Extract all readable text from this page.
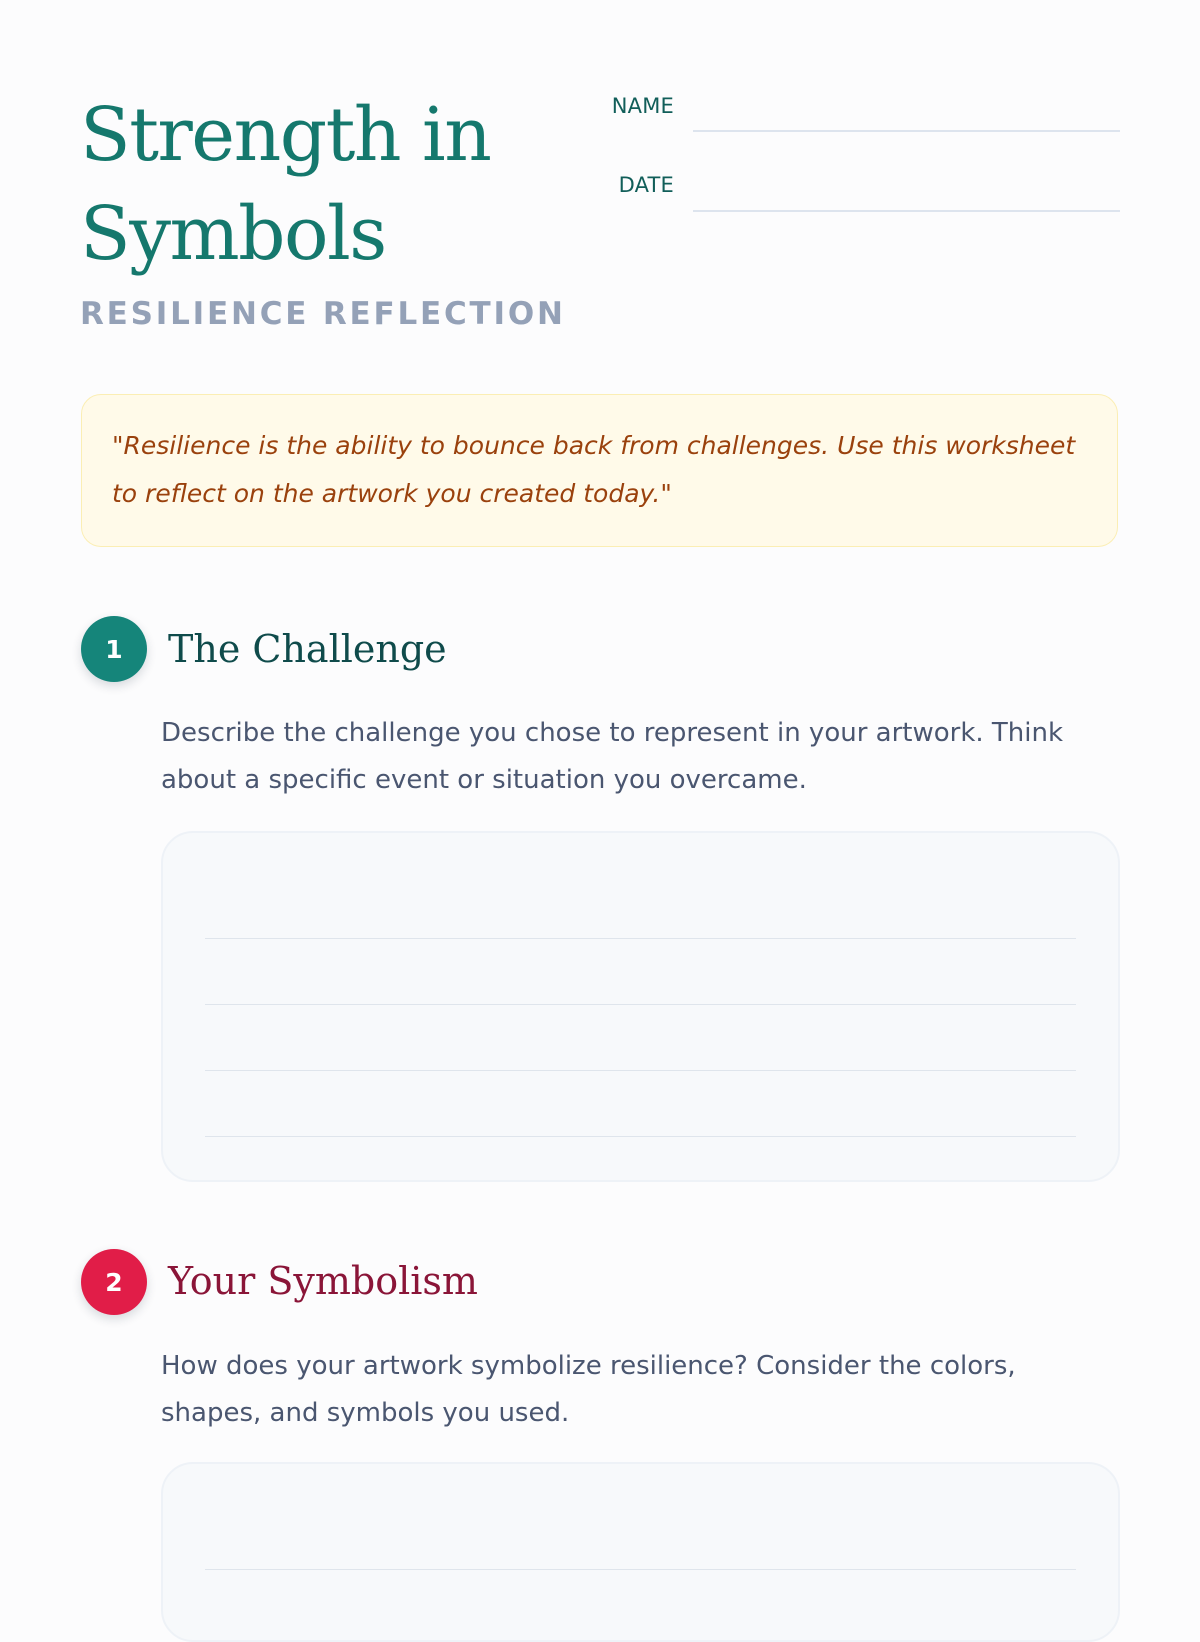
Strength in Symbols
RESILIENCE REFLECTION
NAME
DATE

"Resilience is the ability to bounce back from challenges. Use this worksheet to reflect on the artwork you created today."

1	The Challenge

Describe the challenge you chose to represent in your artwork. Think about a specific event or situation you overcame.

2	Your Symbolism

How does your artwork symbolize resilience? Consider the colors, shapes, and symbols you used.
